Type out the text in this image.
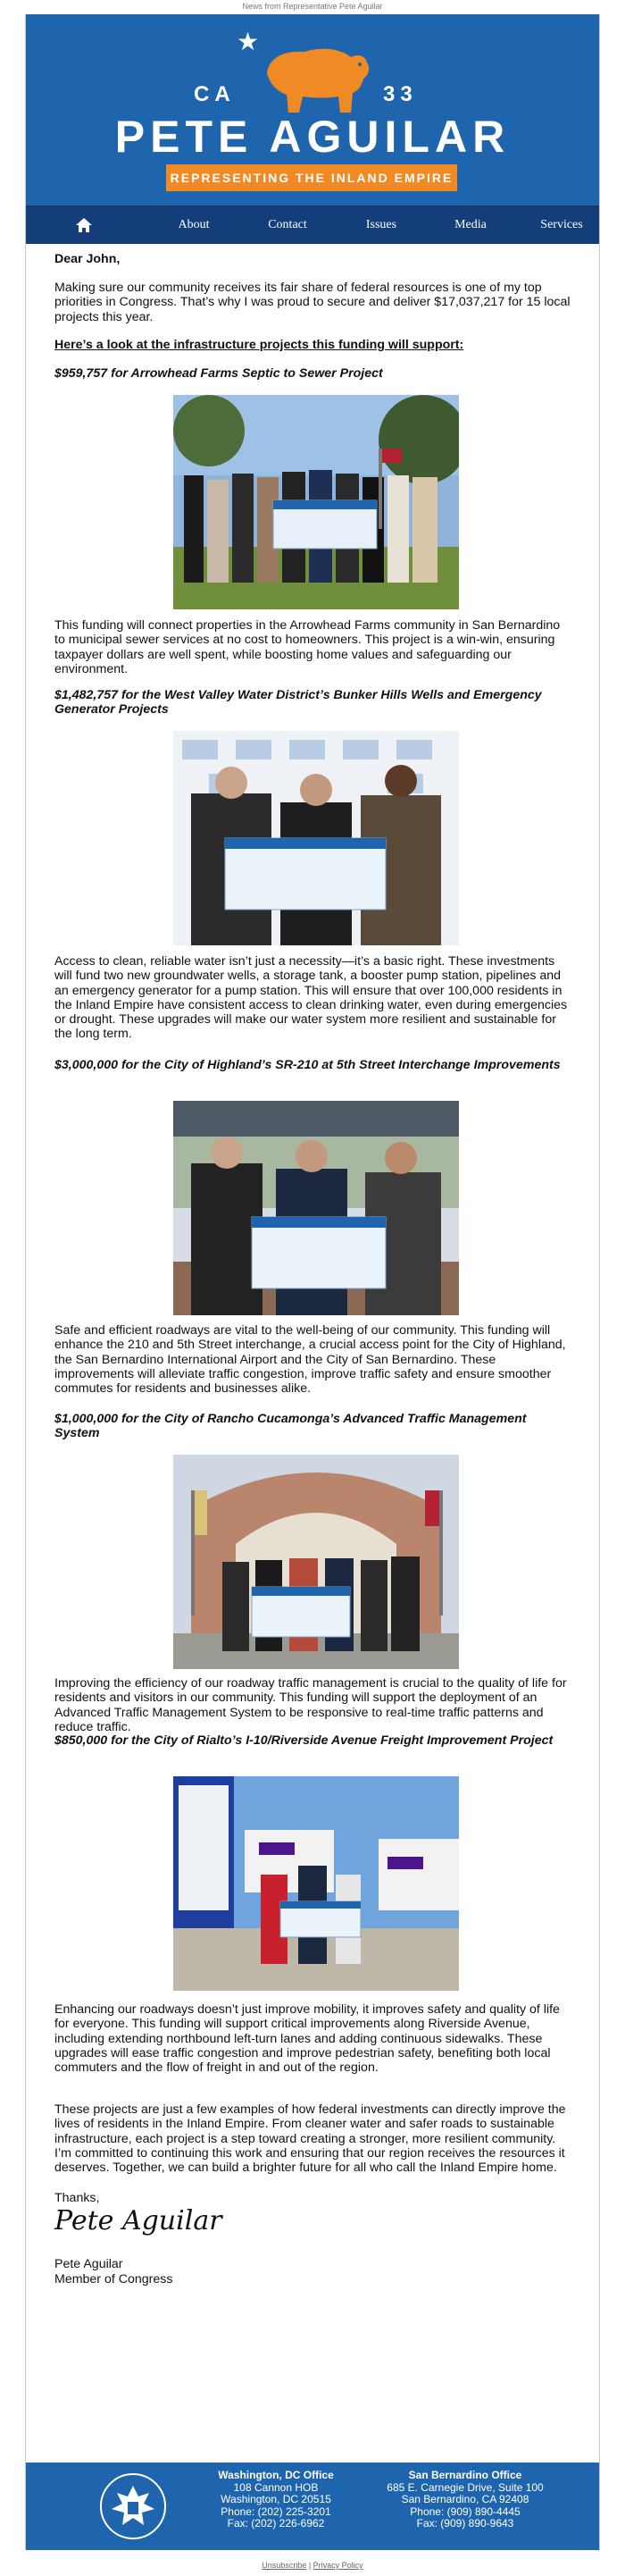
News from Representative Pete Aguilar
★
CA	33
PETE AGUILAR
REPRESENTING THE INLAND EMPIRE
About	Contact	Issues	Media	Services

Dear John,

Making sure our community receives its fair share of federal resources is one of my top priorities in Congress. That’s why I was proud to secure and deliver $17,037,217 for 15 local projects this year.

Here’s a look at the infrastructure projects this funding will support:

$959,757 for Arrowhead Farms Septic to Sewer Project

This funding will connect properties in the Arrowhead Farms community in San Bernardino to municipal sewer services at no cost to homeowners. This project is a win-win, ensuring taxpayer dollars are well spent, while boosting home values and safeguarding our environment.

$1,482,757 for the West Valley Water District’s Bunker Hills Wells and Emergency Generator Projects

Access to clean, reliable water isn’t just a necessity—it’s a basic right. These investments will fund two new groundwater wells, a storage tank, a booster pump station, pipelines and an emergency generator for a pump station. This will ensure that over 100,000 residents in the Inland Empire have consistent access to clean drinking water, even during emergencies or drought. These upgrades will make our water system more resilient and sustainable for the long term.

$3,000,000 for the City of Highland’s SR-210 at 5th Street Interchange Improvements

Safe and efficient roadways are vital to the well-being of our community. This funding will enhance the 210 and 5th Street interchange, a crucial access point for the City of Highland, the San Bernardino International Airport and the City of San Bernardino. These improvements will alleviate traffic congestion, improve traffic safety and ensure smoother commutes for residents and businesses alike.

$1,000,000 for the City of Rancho Cucamonga’s Advanced Traffic Management System

Improving the efficiency of our roadway traffic management is crucial to the quality of life for residents and visitors in our community. This funding will support the deployment of an Advanced Traffic Management System to be responsive to real-time traffic patterns and reduce traffic.

$850,000 for the City of Rialto’s I-10/Riverside Avenue Freight Improvement Project

Enhancing our roadways doesn’t just improve mobility, it improves safety and quality of life for everyone. This funding will support critical improvements along Riverside Avenue, including extending northbound left-turn lanes and adding continuous sidewalks. These upgrades will ease traffic congestion and improve pedestrian safety, benefiting both local commuters and the flow of freight in and out of the region.

These projects are just a few examples of how federal investments can directly improve the lives of residents in the Inland Empire. From cleaner water and safer roads to sustainable infrastructure, each project is a step toward creating a stronger, more resilient community. I’m committed to continuing this work and ensuring that our region receives the resources it deserves. Together, we can build a brighter future for all who call the Inland Empire home.

Thanks,

Pete Aguilar

Pete Aguilar

Member of Congress

Washington, DC Office
108 Cannon HOB
Washington, DC 20515
Phone: (202) 225-3201
Fax: (202) 226-6962
San Bernardino Office
685 E. Carnegie Drive, Suite 100
San Bernardino, CA 92408
Phone: (909) 890-4445
Fax: (909) 890-9643
Unsubscribe | Privacy Policy
